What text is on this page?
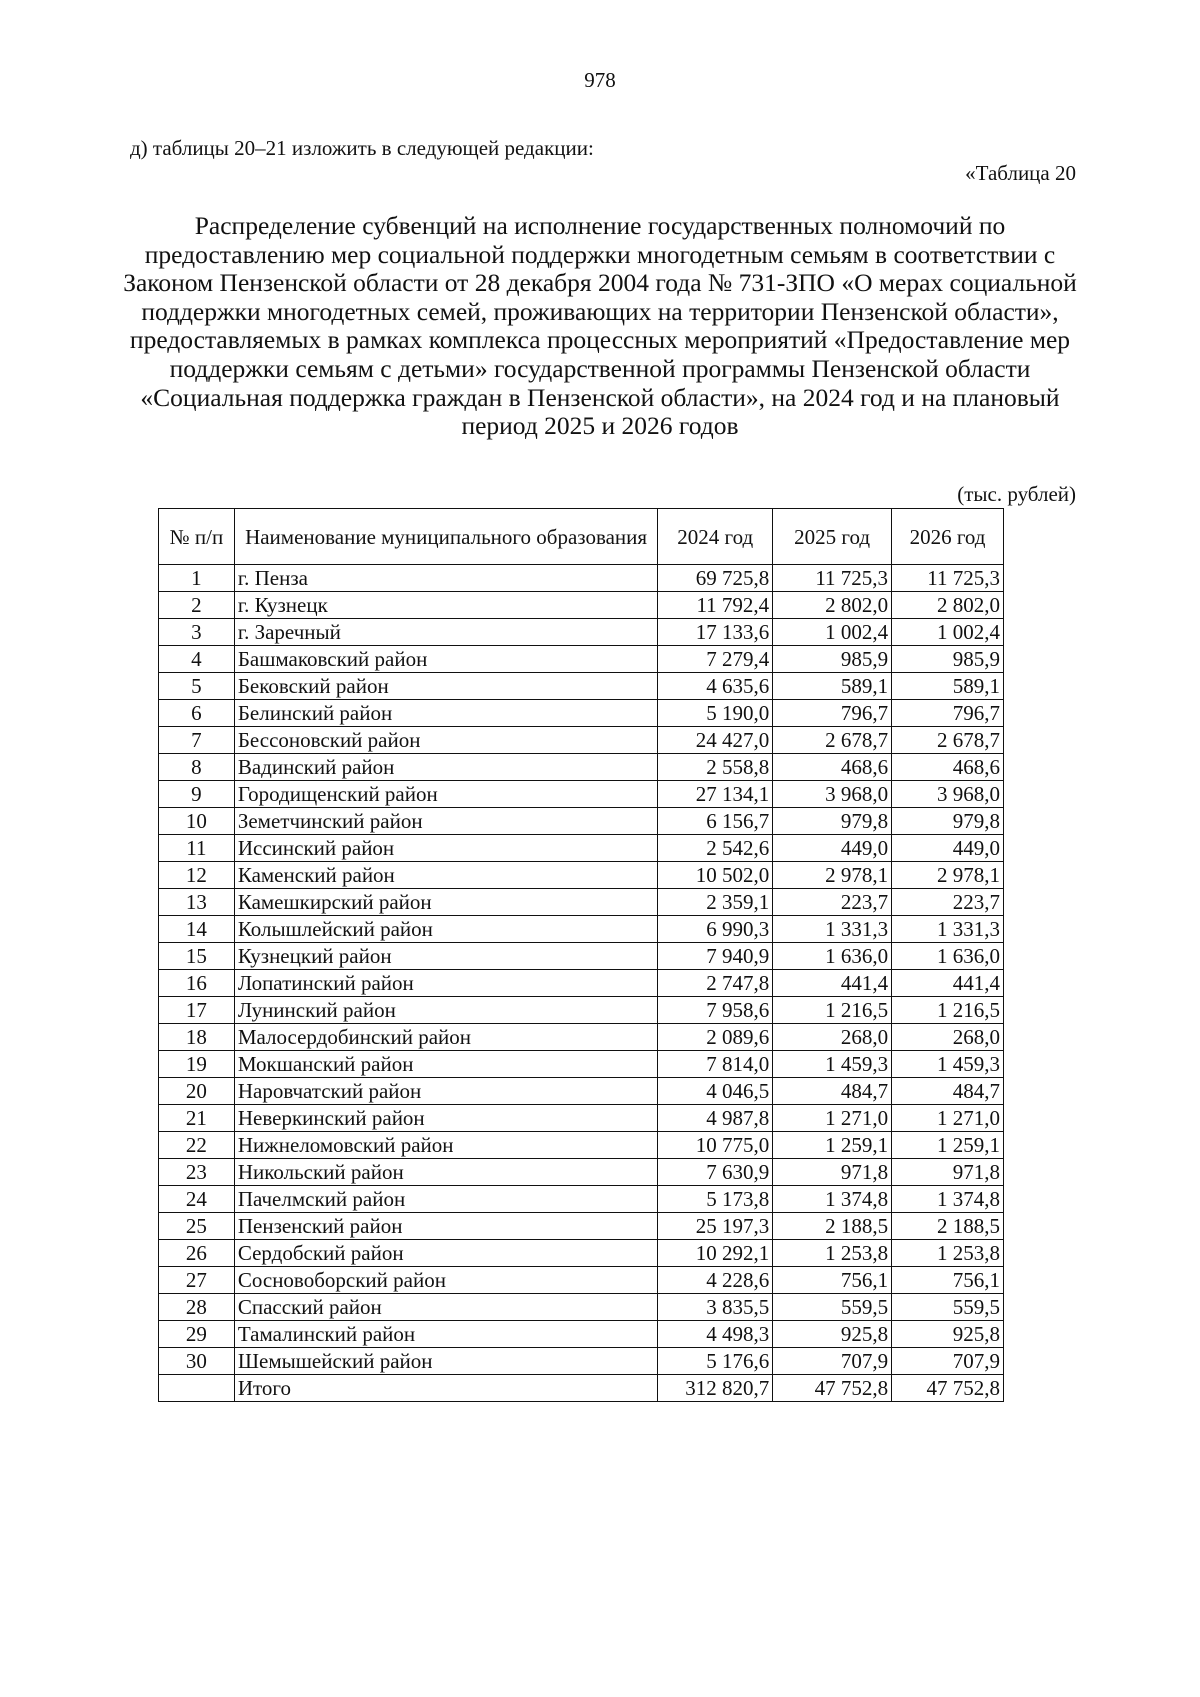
978
д) таблицы 20–21 изложить в следующей редакции:
«Таблица 20
Распределение субвенций на исполнение государственных полномочий по предоставлению мер социальной поддержки многодетным семьям в соответствии с Законом Пензенской области от 28 декабря 2004 года № 731-ЗПО «О мерах социальной поддержки многодетных семей, проживающих на территории Пензенской области», предоставляемых в рамках комплекса процессных мероприятий «Предоставление мер поддержки семьям с детьми» государственной программы Пензенской области «Социальная поддержка граждан в Пензенской области», на 2024 год и на плановый период 2025 и 2026 годов
(тыс. рублей)
№ п/п	Наименование муниципального образования	2024 год	2025 год	2026 год
1	г. Пенза	69 725,8	11 725,3	11 725,3
2	г. Кузнецк	11 792,4	2 802,0	2 802,0
3	г. Заречный	17 133,6	1 002,4	1 002,4
4	Башмаковский район	7 279,4	985,9	985,9
5	Бековский район	4 635,6	589,1	589,1
6	Белинский район	5 190,0	796,7	796,7
7	Бессоновский район	24 427,0	2 678,7	2 678,7
8	Вадинский район	2 558,8	468,6	468,6
9	Городищенский район	27 134,1	3 968,0	3 968,0
10	Земетчинский район	6 156,7	979,8	979,8
11	Иссинский район	2 542,6	449,0	449,0
12	Каменский район	10 502,0	2 978,1	2 978,1
13	Камешкирский район	2 359,1	223,7	223,7
14	Колышлейский район	6 990,3	1 331,3	1 331,3
15	Кузнецкий район	7 940,9	1 636,0	1 636,0
16	Лопатинский район	2 747,8	441,4	441,4
17	Лунинский район	7 958,6	1 216,5	1 216,5
18	Малосердобинский район	2 089,6	268,0	268,0
19	Мокшанский район	7 814,0	1 459,3	1 459,3
20	Наровчатский район	4 046,5	484,7	484,7
21	Неверкинский район	4 987,8	1 271,0	1 271,0
22	Нижнеломовский район	10 775,0	1 259,1	1 259,1
23	Никольский район	7 630,9	971,8	971,8
24	Пачелмский район	5 173,8	1 374,8	1 374,8
25	Пензенский район	25 197,3	2 188,5	2 188,5
26	Сердобский район	10 292,1	1 253,8	1 253,8
27	Сосновоборский район	4 228,6	756,1	756,1
28	Спасский район	3 835,5	559,5	559,5
29	Тамалинский район	4 498,3	925,8	925,8
30	Шемышейский район	5 176,6	707,9	707,9
	Итого	312 820,7	47 752,8	47 752,8
